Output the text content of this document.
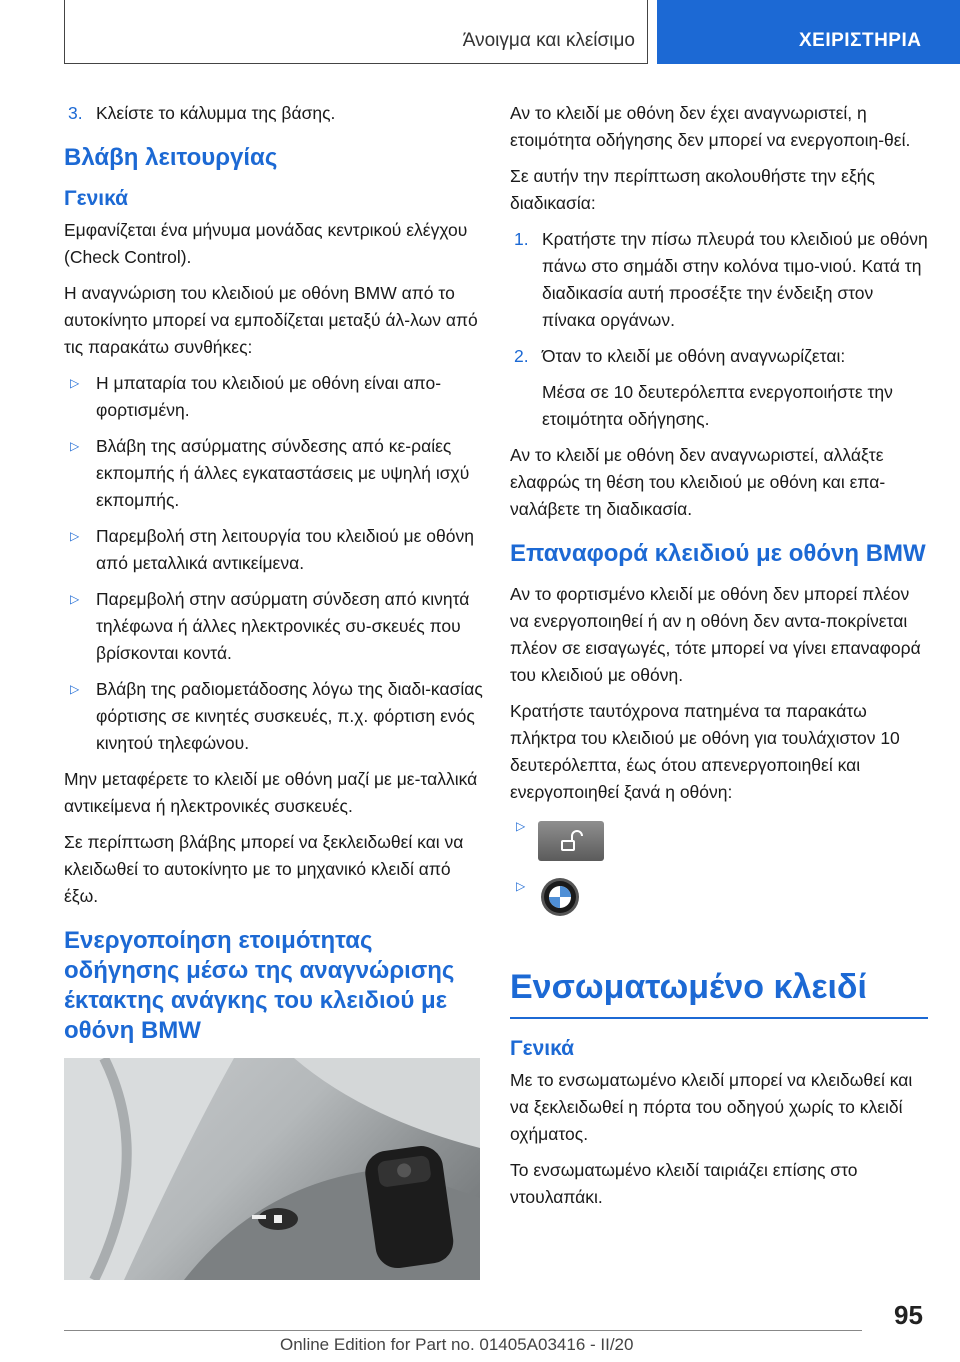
Άνοιγμα και κλείσιμο	ΧΕΙΡΙΣΤΗΡΙΑ
3. Κλείστε το κάλυμμα της βάσης.
Βλάβη λειτουργίας
Γενικά

Εμφανίζεται ένα μήνυμα μονάδας κεντρικού ελέγχου (Check Control).

Η αναγνώριση του κλειδιού με οθόνη BMW από το αυτοκίνητο μπορεί να εμποδίζεται μεταξύ άλ-λων από τις παρακάτω συνθήκες:

▷ Η μπαταρία του κλειδιού με οθόνη είναι απο-φορτισμένη.
▷ Βλάβη της ασύρματης σύνδεσης από κε-ραίες εκπομπής ή άλλες εγκαταστάσεις με υψηλή ισχύ εκπομπής.
▷ Παρεμβολή στη λειτουργία του κλειδιού με οθόνη από μεταλλικά αντικείμενα.
▷ Παρεμβολή στην ασύρματη σύνδεση από κινητά τηλέφωνα ή άλλες ηλεκτρονικές συ-σκευές που βρίσκονται κοντά.
▷ Βλάβη της ραδιομετάδοσης λόγω της διαδι-κασίας φόρτισης σε κινητές συσκευές, π.χ. φόρτιση ενός κινητού τηλεφώνου.

Μην μεταφέρετε το κλειδί με οθόνη μαζί με με-ταλλικά αντικείμενα ή ηλεκτρονικές συσκευές.

Σε περίπτωση βλάβης μπορεί να ξεκλειδωθεί και να κλειδωθεί το αυτοκίνητο με το μηχανικό κλειδί από έξω.

Ενεργοποίηση ετοιμότητας οδήγησης μέσω της αναγνώρισης έκτακτης ανάγκης του κλειδιού με οθόνη BMW

Αν το κλειδί με οθόνη δεν έχει αναγνωριστεί, η ετοιμότητα οδήγησης δεν μπορεί να ενεργοποιη-θεί.

Σε αυτήν την περίπτωση ακολουθήστε την εξής διαδικασία:

1. Κρατήστε την πίσω πλευρά του κλειδιού με οθόνη πάνω στο σημάδι στην κολόνα τιμο-νιού. Κατά τη διαδικασία αυτή προσέξτε την ένδειξη στον πίνακα οργάνων.
2. Όταν το κλειδί με οθόνη αναγνωρίζεται:

Μέσα σε 10 δευτερόλεπτα ενεργοποιήστε την ετοιμότητα οδήγησης.

Αν το κλειδί με οθόνη δεν αναγνωριστεί, αλλάξτε ελαφρώς τη θέση του κλειδιού με οθόνη και επα-ναλάβετε τη διαδικασία.

Επαναφορά κλειδιού με οθόνη BMW

Αν το φορτισμένο κλειδί με οθόνη δεν μπορεί πλέον να ενεργοποιηθεί ή αν η οθόνη δεν αντα-ποκρίνεται πλέον σε εισαγωγές, τότε μπορεί να γίνει επαναφορά του κλειδιού με οθόνη.

Κρατήστε ταυτόχρονα πατημένα τα παρακάτω πλήκτρα του κλειδιού με οθόνη για τουλάχιστον 10 δευτερόλεπτα, έως ότου απενεργοποιηθεί και ενεργοποιηθεί ξανά η οθόνη:

▷
▷
Ενσωματωμένο κλειδί
Γενικά

Με το ενσωματωμένο κλειδί μπορεί να κλειδωθεί και να ξεκλειδωθεί η πόρτα του οδηγού χωρίς το κλειδί οχήματος.

Το ενσωματωμένο κλειδί ταιριάζει επίσης στο ντουλαπάκι.

95
Online Edition for Part no. 01405A03416 - II/20
